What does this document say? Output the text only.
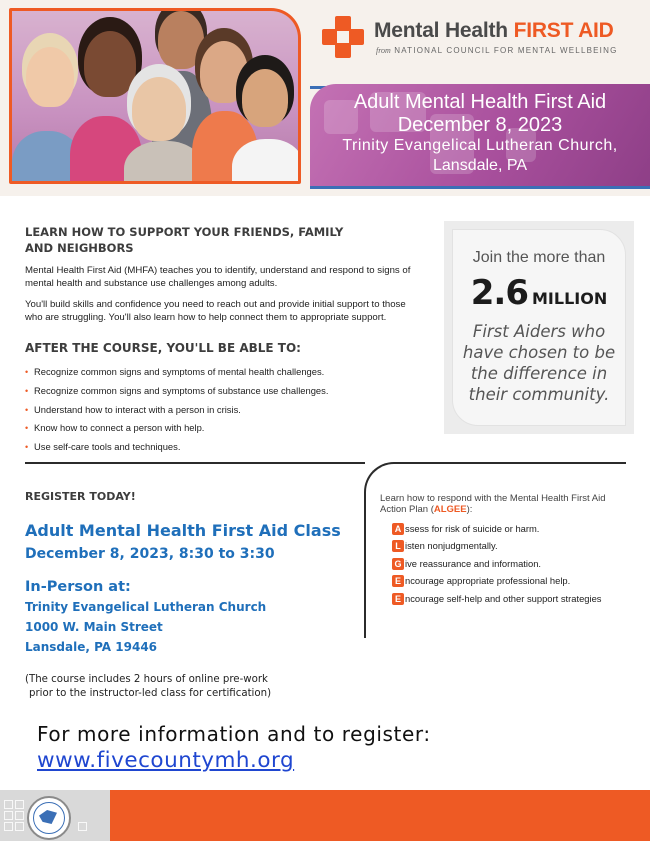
Mental Health FIRST AID
from NATIONAL COUNCIL FOR MENTAL WELLBEING
Adult Mental Health First Aid
December 8, 2023
Trinity Evangelical Lutheran Church,
Lansdale, PA
LEARN HOW TO SUPPORT YOUR FRIENDS, FAMILY
AND NEIGHBORS

Mental Health First Aid (MHFA) teaches you to identify, understand and respond to signs of mental health and substance use challenges among adults.

You'll build skills and confidence you need to reach out and provide initial support to those who are struggling. You'll also learn how to help connect them to appropriate support.

AFTER THE COURSE, YOU'LL BE ABLE TO:
• Recognize common signs and symptoms of mental health challenges.
• Recognize common signs and symptoms of substance use challenges.
• Understand how to interact with a person in crisis.
• Know how to connect a person with help.
• Use self-care tools and techniques.
Join the more than
2.6 MILLION
First Aiders who have chosen to be the difference in their community.
REGISTER TODAY!
Adult Mental Health First Aid Class
December 8, 2023, 8:30 to 3:30
In-Person at:
Trinity Evangelical Lutheran Church
1000 W. Main Street
Lansdale, PA 19446
(The course includes 2 hours of online pre-work
prior to the instructor-led class for certification)
Learn how to respond with the Mental Health First Aid Action Plan (ALGEE):
A ssess for risk of suicide or harm.
L isten nonjudgmentally.
G ive reassurance and information.
E ncourage appropriate professional help.
E ncourage self-help and other support strategies
For more information and to register:
www.fivecountymh.org
